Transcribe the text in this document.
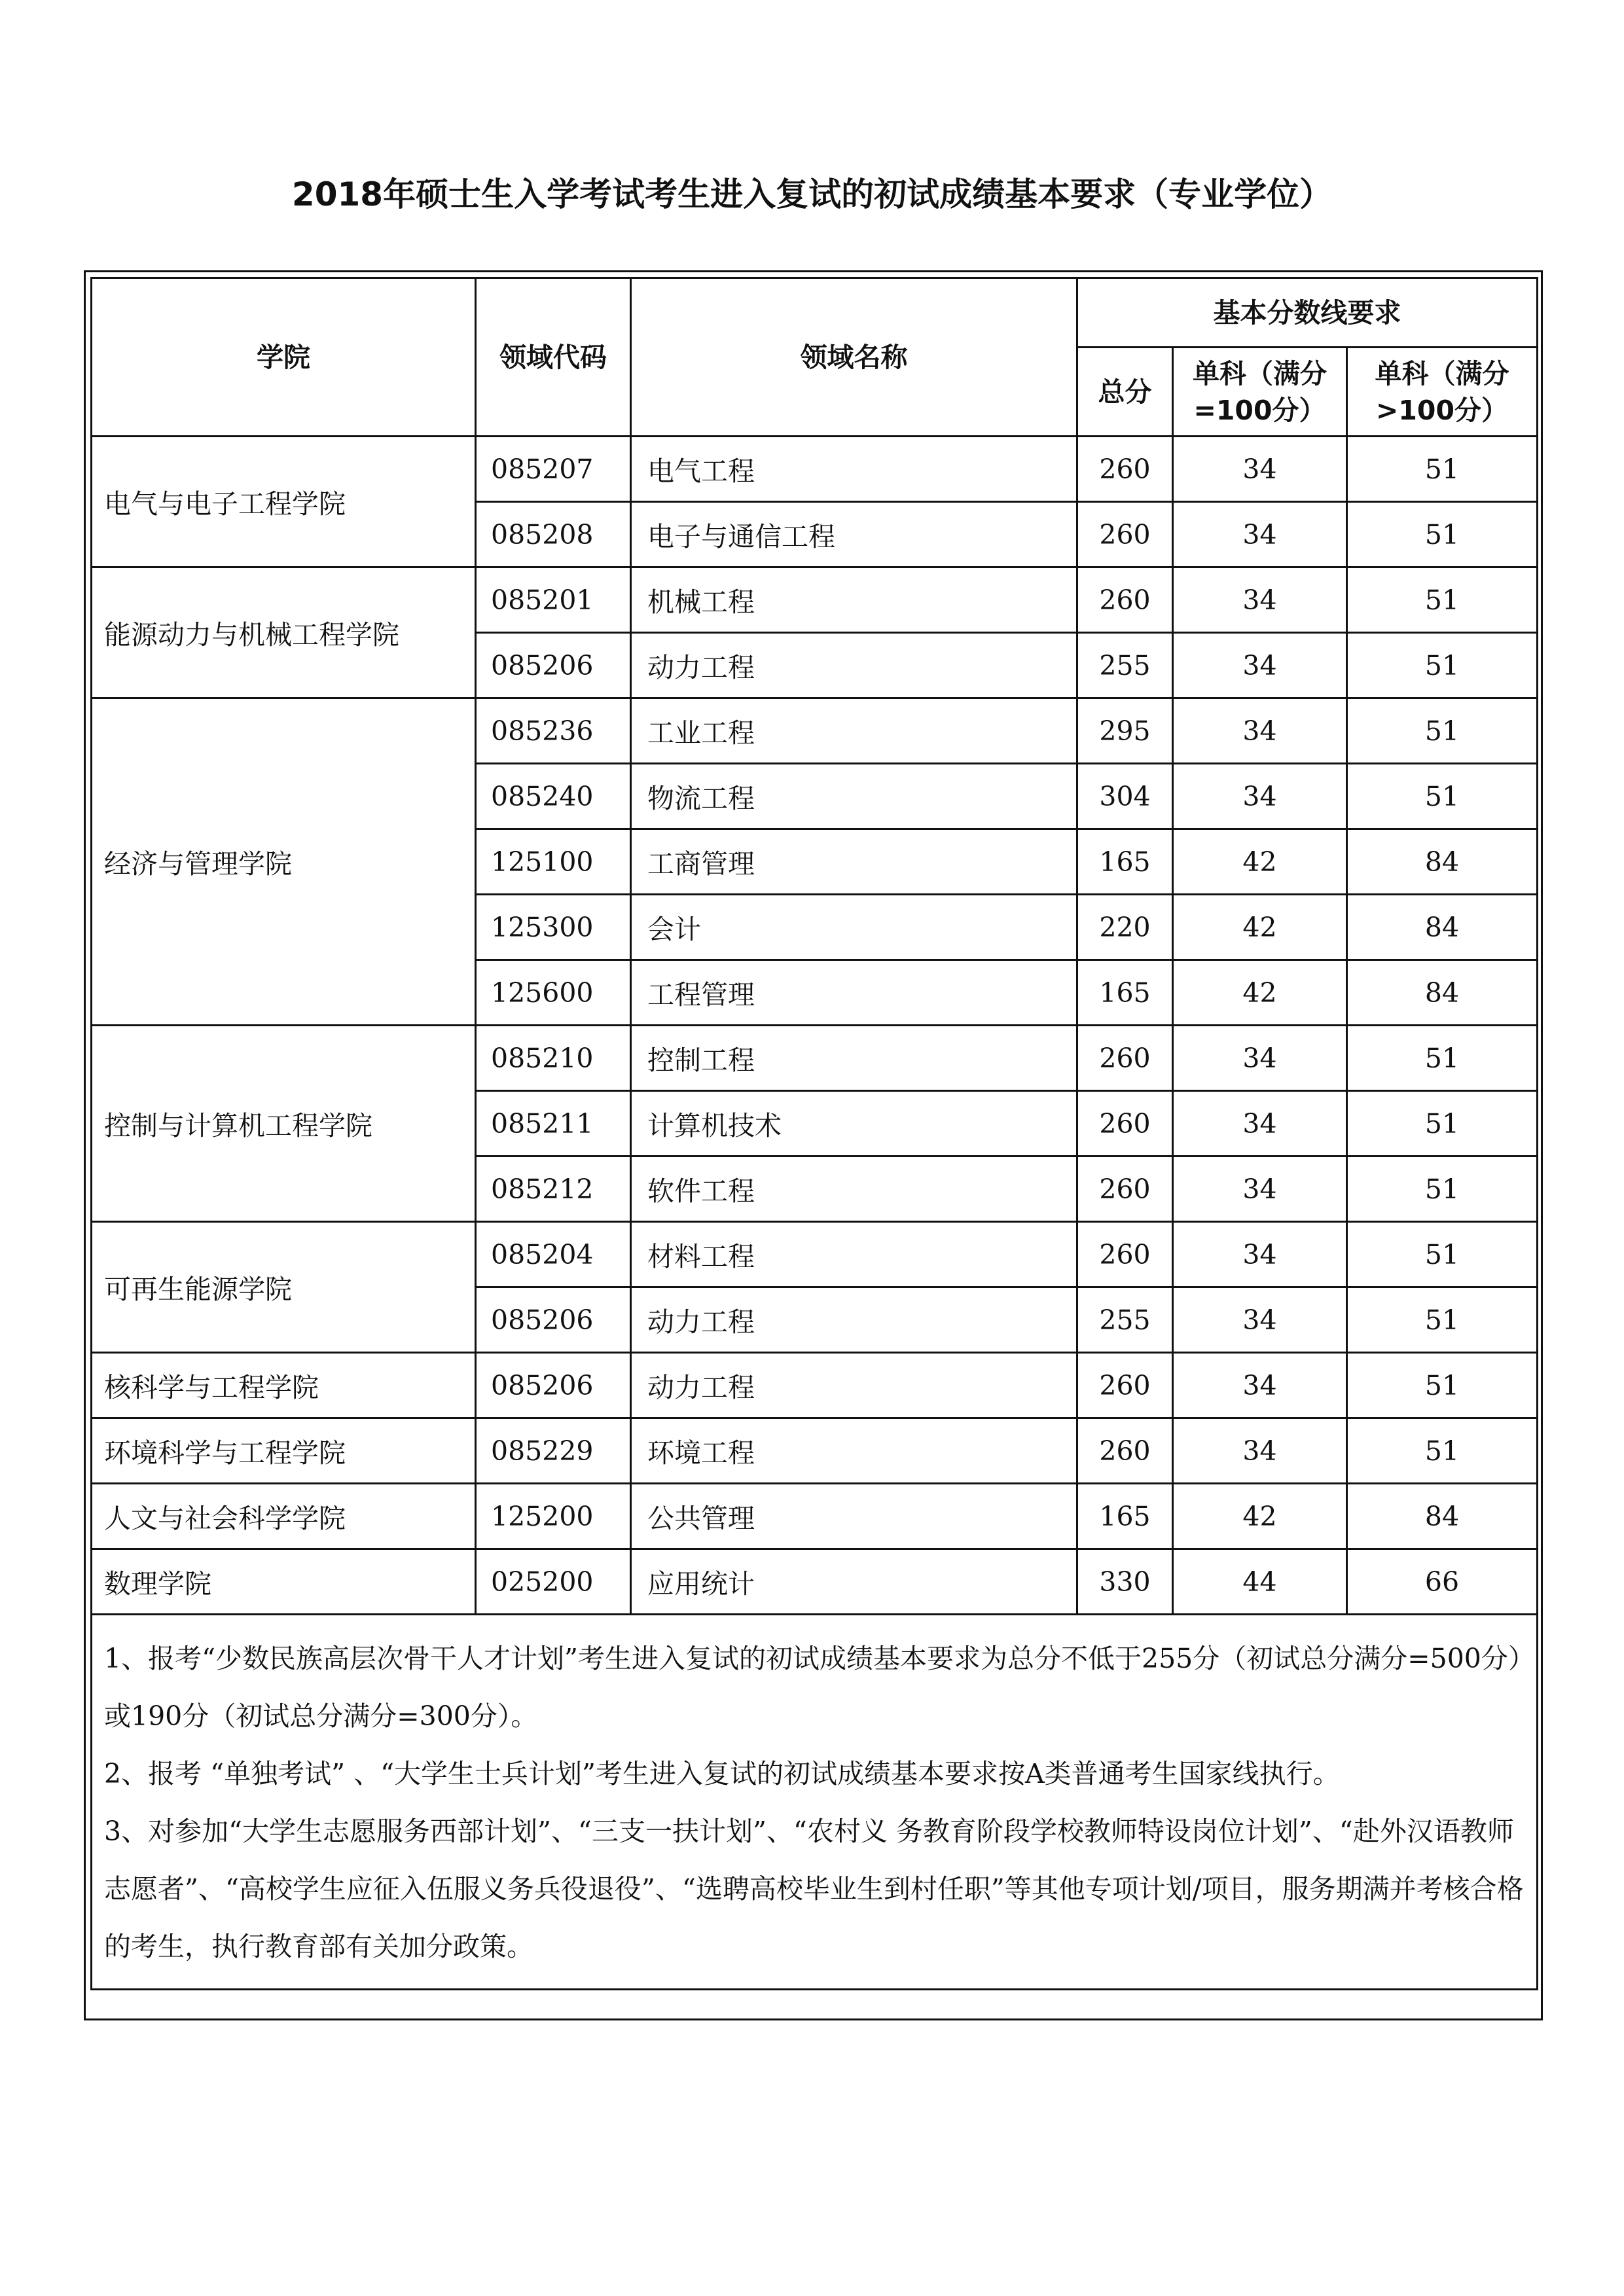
2018年硕士生入学考试考生进入复试的初试成绩基本要求（专业学位）
学院	领域代码	领域名称	基本分数线要求		
			总分	单科（满分=100分）	单科（满分>100分）
电气与电子工程学院	085207	电气工程	260	34	51
	085208	电子与通信工程	260	34	51
能源动力与机械工程学院	085201	机械工程	260	34	51
	085206	动力工程	255	34	51
经济与管理学院	085236	工业工程	295	34	51
	085240	物流工程	304	34	51
	125100	工商管理	165	42	84
	125300	会计	220	42	84
	125600	工程管理	165	42	84
控制与计算机工程学院	085210	控制工程	260	34	51
	085211	计算机技术	260	34	51
	085212	软件工程	260	34	51
可再生能源学院	085204	材料工程	260	34	51
	085206	动力工程	255	34	51
核科学与工程学院	085206	动力工程	260	34	51
环境科学与工程学院	085229	环境工程	260	34	51
人文与社会科学学院	125200	公共管理	165	42	84
数理学院	025200	应用统计	330	44	66

1、报考“少数民族高层次骨干人才计划”考生进入复试的初试成绩基本要求为总分不低于255分（初试总分满分=500分）或190分（初试总分满分=300分）。
2、报考 “单独考试” 、“大学生士兵计划”考生进入复试的初试成绩基本要求按A类普通考生国家线执行。
3、对参加“大学生志愿服务西部计划”、“三支一扶计划”、“农村义 务教育阶段学校教师特设岗位计划”、“赴外汉语教师志愿者”、“高校学生应征入伍服义务兵役退役”、“选聘高校毕业生到村任职”等其他专项计划/项目，服务期满并考核合格的考生，执行教育部有关加分政策。					
